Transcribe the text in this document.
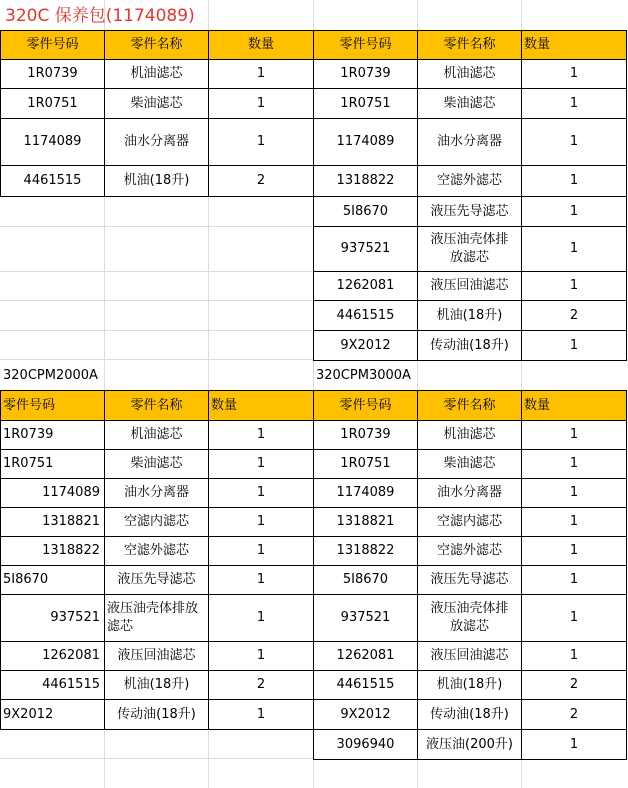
320C 保养包(1174089)
零件号码	零件名称	数量
1R0739	机油滤芯	1
1R0751	柴油滤芯	1
1174089	油水分离器	1
4461515	机油(18升)	2
零件号码	零件名称	数量
1R0739	机油滤芯	1
1R0751	柴油滤芯	1
1174089	油水分离器	1
1318822	空滤外滤芯	1
5I8670	液压先导滤芯	1
937521	液压油壳体排放滤芯	1
1262081	液压回油滤芯	1
4461515	机油(18升)	2
9X2012	传动油(18升)	1
320CPM2000A	320CPM3000A
零件号码	零件名称	数量
1R0739	机油滤芯	1
1R0751	柴油滤芯	1
1174089	油水分离器	1
1318821	空滤内滤芯	1
1318822	空滤外滤芯	1
5I8670	液压先导滤芯	1
937521	液压油壳体排放滤芯	1
1262081	液压回油滤芯	1
4461515	机油(18升)	2
9X2012	传动油(18升)	1
零件号码	零件名称	数量
1R0739	机油滤芯	1
1R0751	柴油滤芯	1
1174089	油水分离器	1
1318821	空滤内滤芯	1
1318822	空滤外滤芯	1
5I8670	液压先导滤芯	1
937521	液压油壳体排放滤芯	1
1262081	液压回油滤芯	1
4461515	机油(18升)	2
9X2012	传动油(18升)	2
3096940	液压油(200升)	1
